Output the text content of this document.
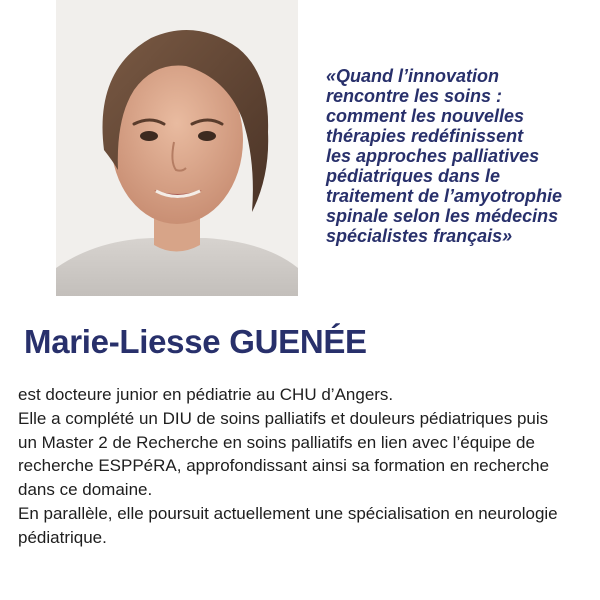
«Quand l’innovation
rencontre les soins :
comment les nouvelles
thérapies redéfinissent
les approches palliatives
pédiatriques dans le
traitement de l’amyotrophie
spinale selon les médecins
spécialistes français»

Marie-Liesse GUENÉE

est docteure junior en pédiatrie au CHU d’Angers.

Elle a complété un DIU de soins palliatifs et douleurs pédiatriques puis
un Master 2 de Recherche en soins palliatifs en lien avec l’équipe de
recherche ESPPéRA, approfondissant ainsi sa formation en recherche
dans ce domaine.

En parallèle, elle poursuit actuellement une spécialisation en neurologie
pédiatrique.
